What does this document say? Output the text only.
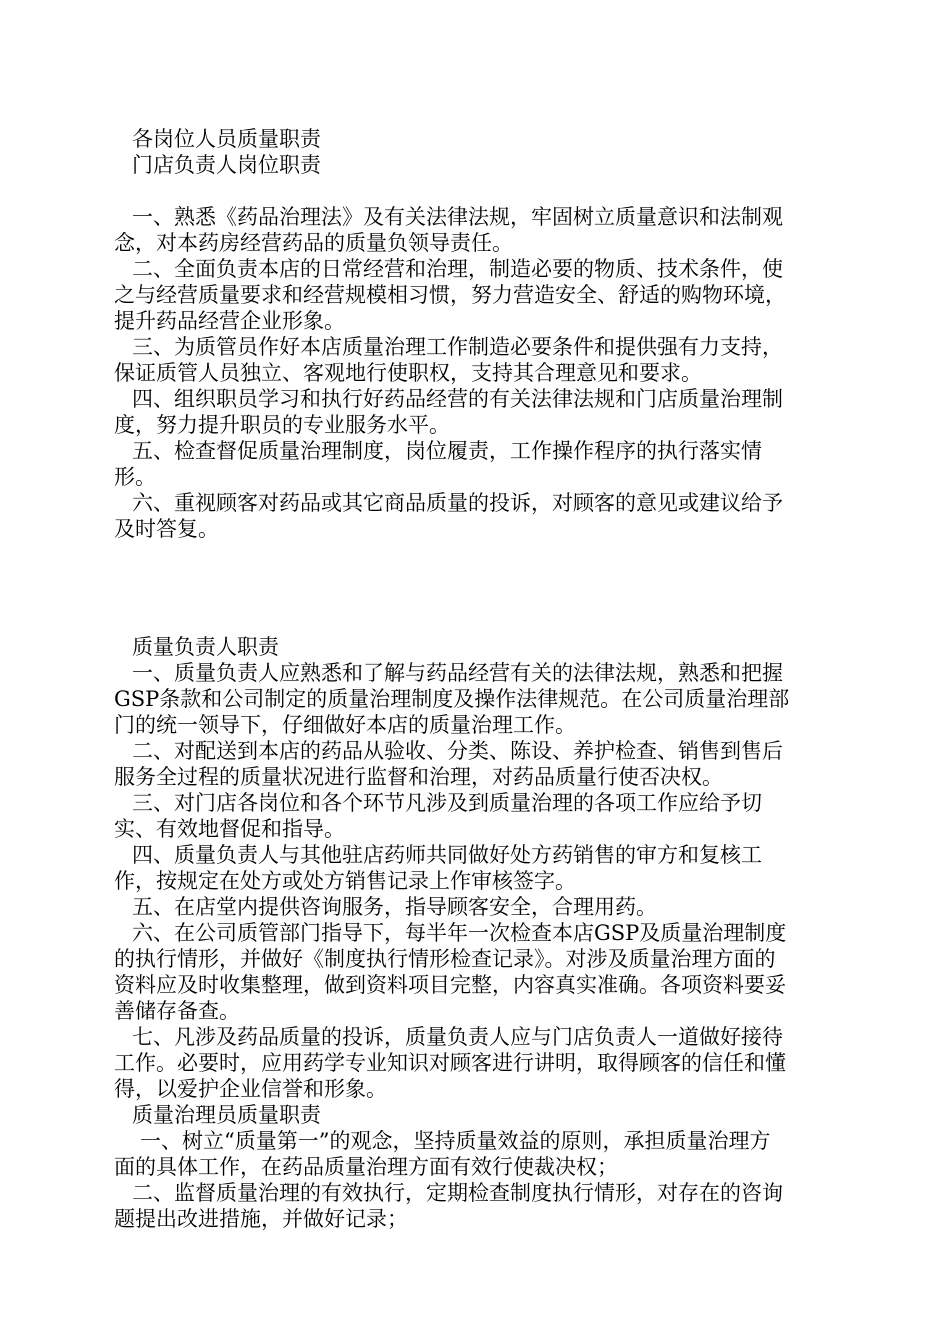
各岗位人员质量职责
门店负责人岗位职责
一、熟悉《药品治理法》及有关法律法规，牢固树立质量意识和法制观
念，对本药房经营药品的质量负领导责任。
二、全面负责本店的日常经营和治理，制造必要的物质、技术条件，使
之与经营质量要求和经营规模相习惯，努力营造安全、舒适的购物环境，
提升药品经营企业形象。
三、为质管员作好本店质量治理工作制造必要条件和提供强有力支持，
保证质管人员独立、客观地行使职权，支持其合理意见和要求。
四、组织职员学习和执行好药品经营的有关法律法规和门店质量治理制
度，努力提升职员的专业服务水平。
五、检查督促质量治理制度，岗位履责，工作操作程序的执行落实情
形。
六、重视顾客对药品或其它商品质量的投诉，对顾客的意见或建议给予
及时答复。
质量负责人职责
一、质量负责人应熟悉和了解与药品经营有关的法律法规，熟悉和把握
GSP条款和公司制定的质量治理制度及操作法律规范。在公司质量治理部
门的统一领导下，仔细做好本店的质量治理工作。
二、对配送到本店的药品从验收、分类、陈设、养护检查、销售到售后
服务全过程的质量状况进行监督和治理，对药品质量行使否决权。
三、对门店各岗位和各个环节凡涉及到质量治理的各项工作应给予切
实、有效地督促和指导。
四、质量负责人与其他驻店药师共同做好处方药销售的审方和复核工
作，按规定在处方或处方销售记录上作审核签字。
五、在店堂内提供咨询服务，指导顾客安全，合理用药。
六、在公司质管部门指导下，每半年一次检查本店GSP及质量治理制度
的执行情形，并做好《制度执行情形检查记录》。对涉及质量治理方面的
资料应及时收集整理，做到资料项目完整，内容真实准确。各项资料要妥
善储存备查。
七、凡涉及药品质量的投诉，质量负责人应与门店负责人一道做好接待
工作。必要时，应用药学专业知识对顾客进行讲明，取得顾客的信任和懂
得，以爱护企业信誉和形象。
质量治理员质量职责
一、树立“质量第一”的观念，坚持质量效益的原则，承担质量治理方
面的具体工作，在药品质量治理方面有效行使裁决权；
二、监督质量治理的有效执行，定期检查制度执行情形，对存在的咨询
题提出改进措施，并做好记录；
